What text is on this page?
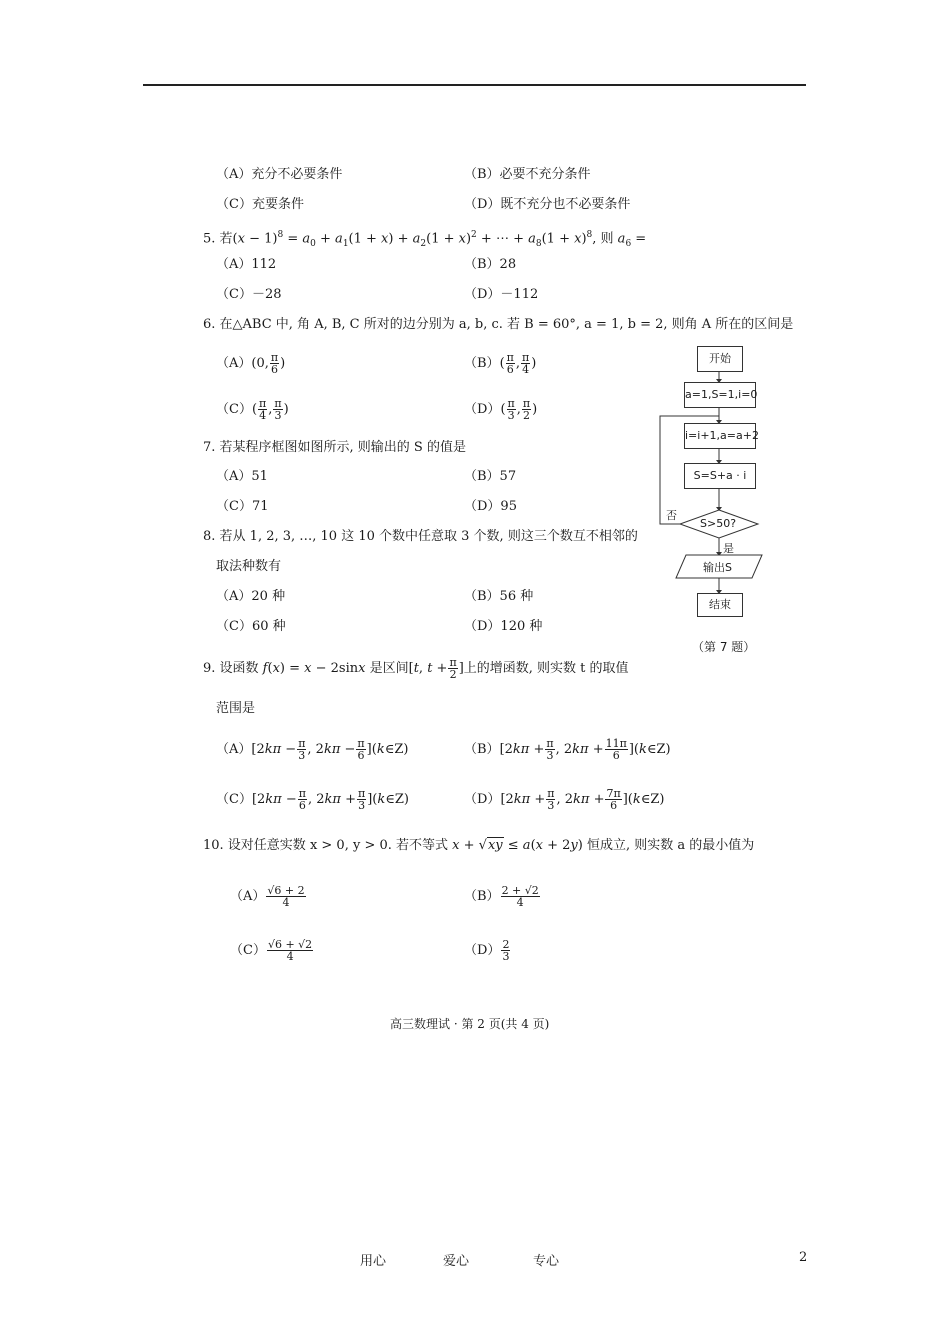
（A）充分不必要条件	（B）必要不充分条件
（C）充要条件	（D）既不充分也不必要条件
5. 若$(x - 1)^8 = a_0 + a_1(1 + x) + a_2(1 + x)^2$ + ⋯ + $a_8(1 + x)^8$, 则 $a_6$ =
（A）112	（B）28
（C）－28	（D）－112
6. 在△ABC 中, 角 A, B, C 所对的边分别为 a, b, c. 若 B = 60°, a = 1, b = 2, 则角 A 所在的区间是
（A）(0, $\frac{\pi}{6}$ )	$(B)( \frac{\pi}{6}$ , $\frac{\pi}{4}$ )
$(C)( \frac{\pi}{4}$ , $\frac{\pi}{3}$ )	$(D)( \frac{\pi}{3}$ , $\frac{\pi}{2}$ )
7. 若某程序框图如图所示, 则输出的 S 的值是
（A）51	（B）57
（C）71	（D）95
8. 若从 1, 2, 3, …, 10 这 10 个数中任意取 3 个数, 则这三个数互不相邻的
取法种数有
（A）20 种	（B）56 种
（C）60 种	（D）120 种
开始
a=1,S=1,i=0
i=i+1,a=a+2
S=S+a · i
S>50?
否
是
输出S
结束
（第 7 题）
9. 设函数 f(x) = x − 2sinx 是区间[t, $t + \frac{\pi}{2}$ ]上的增函数, 则实数 t 的取值
范围是
$(A)[2k\pi - \frac{\pi}{3}$ , $2k\pi - \frac{\pi}{6}$ ](k∈Z)	$(B)[2k\pi + \frac{\pi}{3}$ , $2k\pi + \frac{11\pi}{6}$ ](k∈Z)
$(C)[2k\pi - \frac{\pi}{6}$ , $2k\pi + \frac{\pi}{3}$ ](k∈Z)	$(D)[2k\pi + \frac{\pi}{3}$ , $2k\pi + \frac{7\pi}{6}$ ](k∈Z)
10. 设对任意实数 x > 0, y > 0. 若不等式 x + √xy ≤ a(x + 2y) 恒成立, 则实数 a 的最小值为
$(A) \frac{√6 + 2}{4}$	$(B) \frac{2 + √2}{4}$
$(C) \frac{√6 + √2}{4}$	$(D) \frac{2}{3}$
高三数理试 · 第 2 页(共 4 页)
用心	爱心	专心	2
